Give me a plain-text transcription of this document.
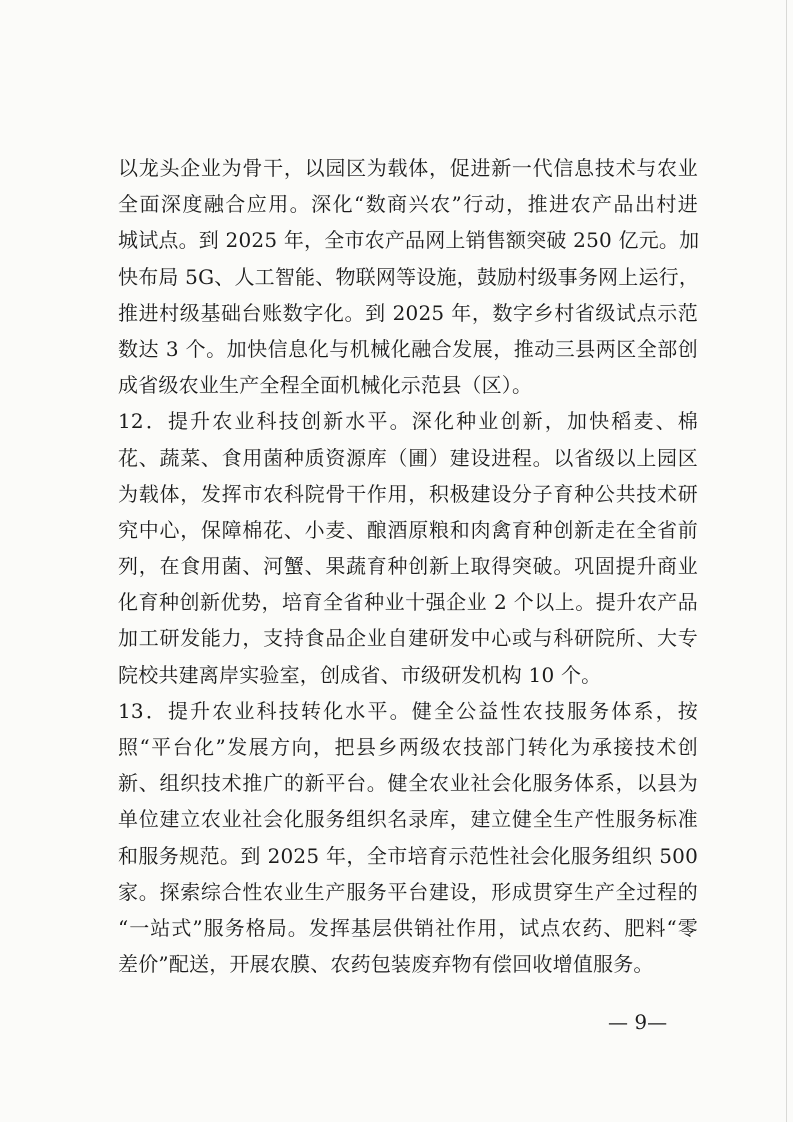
以龙头企业为骨干，以园区为载体，促进新一代信息技术与农业
全面深度融合应用。深化“数商兴农”行动，推进农产品出村进
城试点。到 2025 年，全市农产品网上销售额突破 250 亿元。加
快布局 5G、人工智能、物联网等设施，鼓励村级事务网上运行，
推进村级基础台账数字化。到 2025 年，数字乡村省级试点示范
数达 3 个。加快信息化与机械化融合发展，推动三县两区全部创
成省级农业生产全程全面机械化示范县（区）。
12．提升农业科技创新水平。深化种业创新，加快稻麦、棉
花、蔬菜、食用菌种质资源库（圃）建设进程。以省级以上园区
为载体，发挥市农科院骨干作用，积极建设分子育种公共技术研
究中心，保障棉花、小麦、酿酒原粮和肉禽育种创新走在全省前
列，在食用菌、河蟹、果蔬育种创新上取得突破。巩固提升商业
化育种创新优势，培育全省种业十强企业 2 个以上。提升农产品
加工研发能力，支持食品企业自建研发中心或与科研院所、大专
院校共建离岸实验室，创成省、市级研发机构 10 个。
13．提升农业科技转化水平。健全公益性农技服务体系，按
照“平台化”发展方向，把县乡两级农技部门转化为承接技术创
新、组织技术推广的新平台。健全农业社会化服务体系，以县为
单位建立农业社会化服务组织名录库，建立健全生产性服务标准
和服务规范。到 2025 年，全市培育示范性社会化服务组织 500
家。探索综合性农业生产服务平台建设，形成贯穿生产全过程的
“一站式”服务格局。发挥基层供销社作用，试点农药、肥料“零
差价”配送，开展农膜、农药包装废弃物有偿回收增值服务。
— 9—
